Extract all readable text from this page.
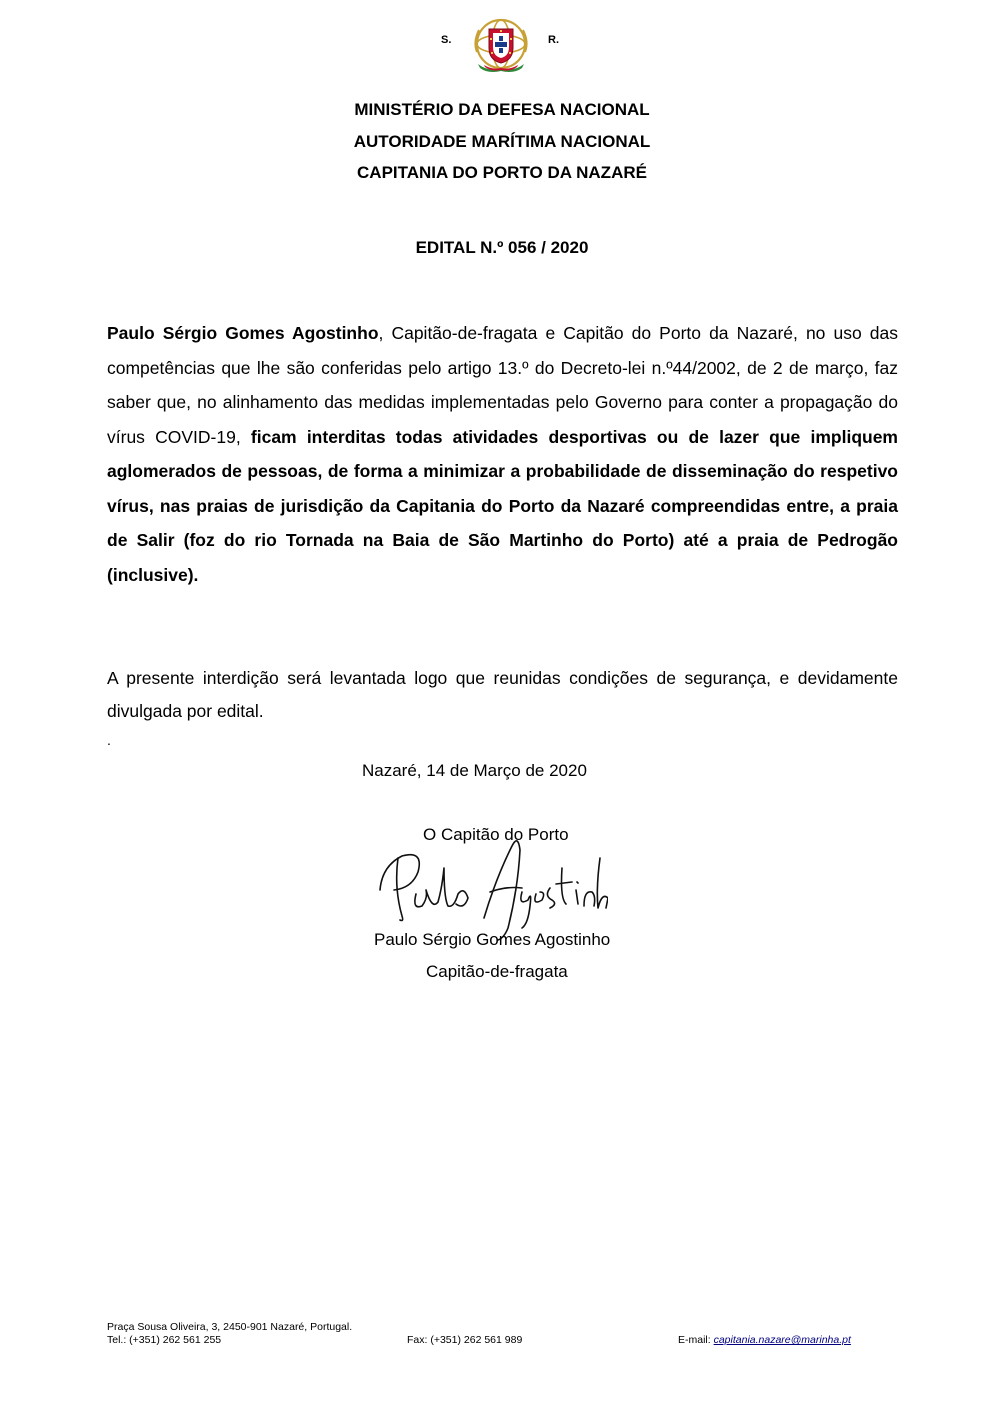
S.	R.
MINISTÉRIO DA DEFESA NACIONAL
AUTORIDADE MARÍTIMA NACIONAL
CAPITANIA DO PORTO DA NAZARÉ
EDITAL N.º 056 / 2020
Paulo Sérgio Gomes Agostinho, Capitão-de-fragata e Capitão do Porto da Nazaré, no uso das competências que lhe são conferidas pelo artigo 13.º do Decreto-lei n.º44/2002, de 2 de março, faz saber que, no alinhamento das medidas implementadas pelo Governo para conter a propagação do vírus COVID-19, ficam interditas todas atividades desportivas ou de lazer que impliquem aglomerados de pessoas, de forma a minimizar a probabilidade de disseminação do respetivo vírus, nas praias de jurisdição da Capitania do Porto da Nazaré compreendidas entre, a praia de Salir (foz do rio Tornada na Baia de São Martinho do Porto) até a praia de Pedrogão (inclusive).
A presente interdição será levantada logo que reunidas condições de segurança, e devidamente divulgada por edital.
.
Nazaré, 14 de Março de 2020
O Capitão do Porto
Paulo Sérgio Gomes Agostinho
Capitão-de-fragata
Praça Sousa Oliveira, 3, 2450-901 Nazaré, Portugal.
Tel.: (+351) 262 561 255	Fax: (+351) 262 561 989	E-mail: capitania.nazare@marinha.pt
